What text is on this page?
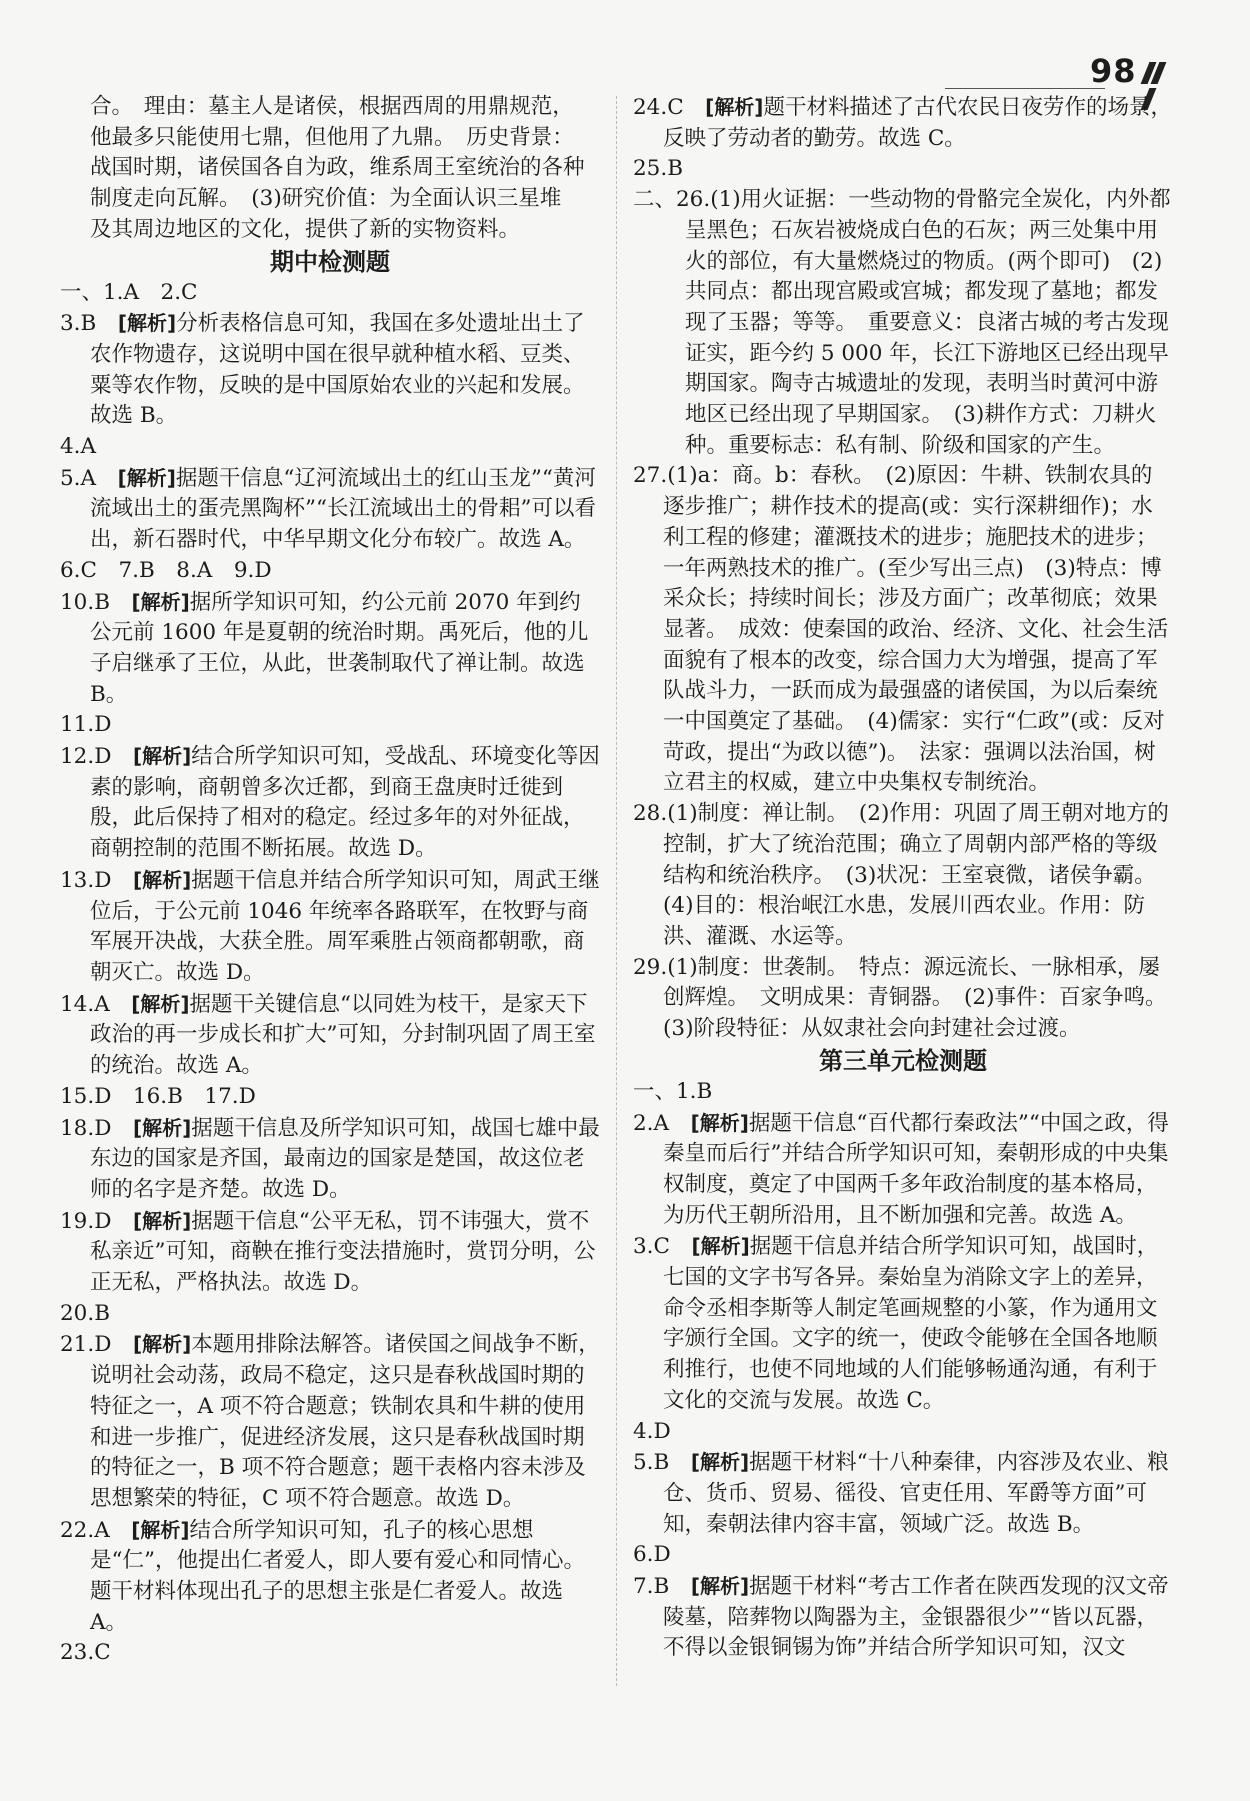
98

合。　理由：墓主人是诸侯，根据西周的用鼎规范，

他最多只能使用七鼎，但他用了九鼎。　历史背景：

战国时期，诸侯国各自为政，维系周王室统治的各种

制度走向瓦解。　(3)研究价值：为全面认识三星堆

及其周边地区的文化，提供了新的实物资料。

期中检测题

一、1.A　2.C

3.B　 [解析]分析表格信息可知，我国在多处遗址出土了农作物遗存，这说明中国在很早就种植水稻、豆类、粟等农作物，反映的是中国原始农业的兴起和发展。故选 B。

4.A

5.A　 [解析]据题干信息“辽河流域出土的红山玉龙”“黄河流域出土的蛋壳黑陶杯”“长江流域出土的骨耜”可以看出，新石器时代，中华早期文化分布较广。故选 A。

6.C　7.B　8.A　9.D

10.B　 [解析]据所学知识可知，约公元前 2070 年到约公元前 1600 年是夏朝的统治时期。禹死后，他的儿子启继承了王位，从此，世袭制取代了禅让制。故选 B。

11.D

12.D　 [解析]结合所学知识可知，受战乱、环境变化等因素的影响，商朝曾多次迁都，到商王盘庚时迁徙到殷，此后保持了相对的稳定。经过多年的对外征战，商朝控制的范围不断拓展。故选 D。

13.D　 [解析]据题干信息并结合所学知识可知，周武王继位后，于公元前 1046 年统率各路联军，在牧野与商军展开决战，大获全胜。周军乘胜占领商都朝歌，商朝灭亡。故选 D。

14.A　 [解析]据题干关键信息“以同姓为枝干，是家天下政治的再一步成长和扩大”可知，分封制巩固了周王室的统治。故选 A。

15.D　16.B　17.D

18.D　 [解析]据题干信息及所学知识可知，战国七雄中最东边的国家是齐国，最南边的国家是楚国，故这位老师的名字是齐楚。故选 D。

19.D　 [解析]据题干信息“公平无私，罚不讳强大，赏不私亲近”可知，商鞅在推行变法措施时，赏罚分明，公正无私，严格执法。故选 D。

20.B

21.D　 [解析]本题用排除法解答。诸侯国之间战争不断，说明社会动荡，政局不稳定，这只是春秋战国时期的特征之一，A 项不符合题意；铁制农具和牛耕的使用和进一步推广，促进经济发展，这只是春秋战国时期的特征之一，B 项不符合题意；题干表格内容未涉及思想繁荣的特征，C 项不符合题意。故选 D。

22.A　 [解析]结合所学知识可知，孔子的核心思想是“仁”，他提出仁者爱人，即人要有爱心和同情心。题干材料体现出孔子的思想主张是仁者爱人。故选 A。

23.C

24.C　 [解析]题干材料描述了古代农民日夜劳作的场景，反映了劳动者的勤劳。故选 C。

25.B

二、26.(1)用火证据：一些动物的骨骼完全炭化，内外都呈黑色；石灰岩被烧成白色的石灰；两三处集中用火的部位，有大量燃烧过的物质。(两个即可)　(2)共同点：都出现宫殿或宫城；都发现了墓地；都发现了玉器；等等。　重要意义：良渚古城的考古发现证实，距今约 5 000 年，长江下游地区已经出现早期国家。陶寺古城遗址的发现，表明当时黄河中游地区已经出现了早期国家。　(3)耕作方式：刀耕火种。重要标志：私有制、阶级和国家的产生。

27.(1)a：商。b：春秋。　(2)原因：牛耕、铁制农具的逐步推广；耕作技术的提高(或：实行深耕细作)；水利工程的修建；灌溉技术的进步；施肥技术的进步；一年两熟技术的推广。(至少写出三点)　(3)特点：博采众长；持续时间长；涉及方面广；改革彻底；效果显著。　成效：使秦国的政治、经济、文化、社会生活面貌有了根本的改变，综合国力大为增强，提高了军队战斗力，一跃而成为最强盛的诸侯国，为以后秦统一中国奠定了基础。　(4)儒家：实行“仁政”(或：反对苛政，提出“为政以德”)。　法家：强调以法治国，树立君主的权威，建立中央集权专制统治。

28.(1)制度：禅让制。　(2)作用：巩固了周王朝对地方的控制，扩大了统治范围；确立了周朝内部严格的等级结构和统治秩序。　(3)状况：王室衰微，诸侯争霸。　(4)目的：根治岷江水患，发展川西农业。作用：防洪、灌溉、水运等。

29.(1)制度：世袭制。　特点：源远流长、一脉相承，屡创辉煌。　文明成果：青铜器。　(2)事件：百家争鸣。　(3)阶段特征：从奴隶社会向封建社会过渡。

第三单元检测题

一、1.B

2.A　 [解析]据题干信息“百代都行秦政法”“中国之政，得秦皇而后行”并结合所学知识可知，秦朝形成的中央集权制度，奠定了中国两千多年政治制度的基本格局，为历代王朝所沿用，且不断加强和完善。故选 A。

3.C　 [解析]据题干信息并结合所学知识可知，战国时，七国的文字书写各异。秦始皇为消除文字上的差异，命令丞相李斯等人制定笔画规整的小篆，作为通用文字颁行全国。文字的统一，使政令能够在全国各地顺利推行，也使不同地域的人们能够畅通沟通，有利于文化的交流与发展。故选 C。

4.D

5.B　 [解析]据题干材料“十八种秦律，内容涉及农业、粮仓、货币、贸易、徭役、官吏任用、军爵等方面”可知，秦朝法律内容丰富，领域广泛。故选 B。

6.D

7.B　 [解析]据题干材料“考古工作者在陕西发现的汉文帝陵墓，陪葬物以陶器为主，金银器很少”“皆以瓦器，不得以金银铜锡为饰”并结合所学知识可知，汉文
